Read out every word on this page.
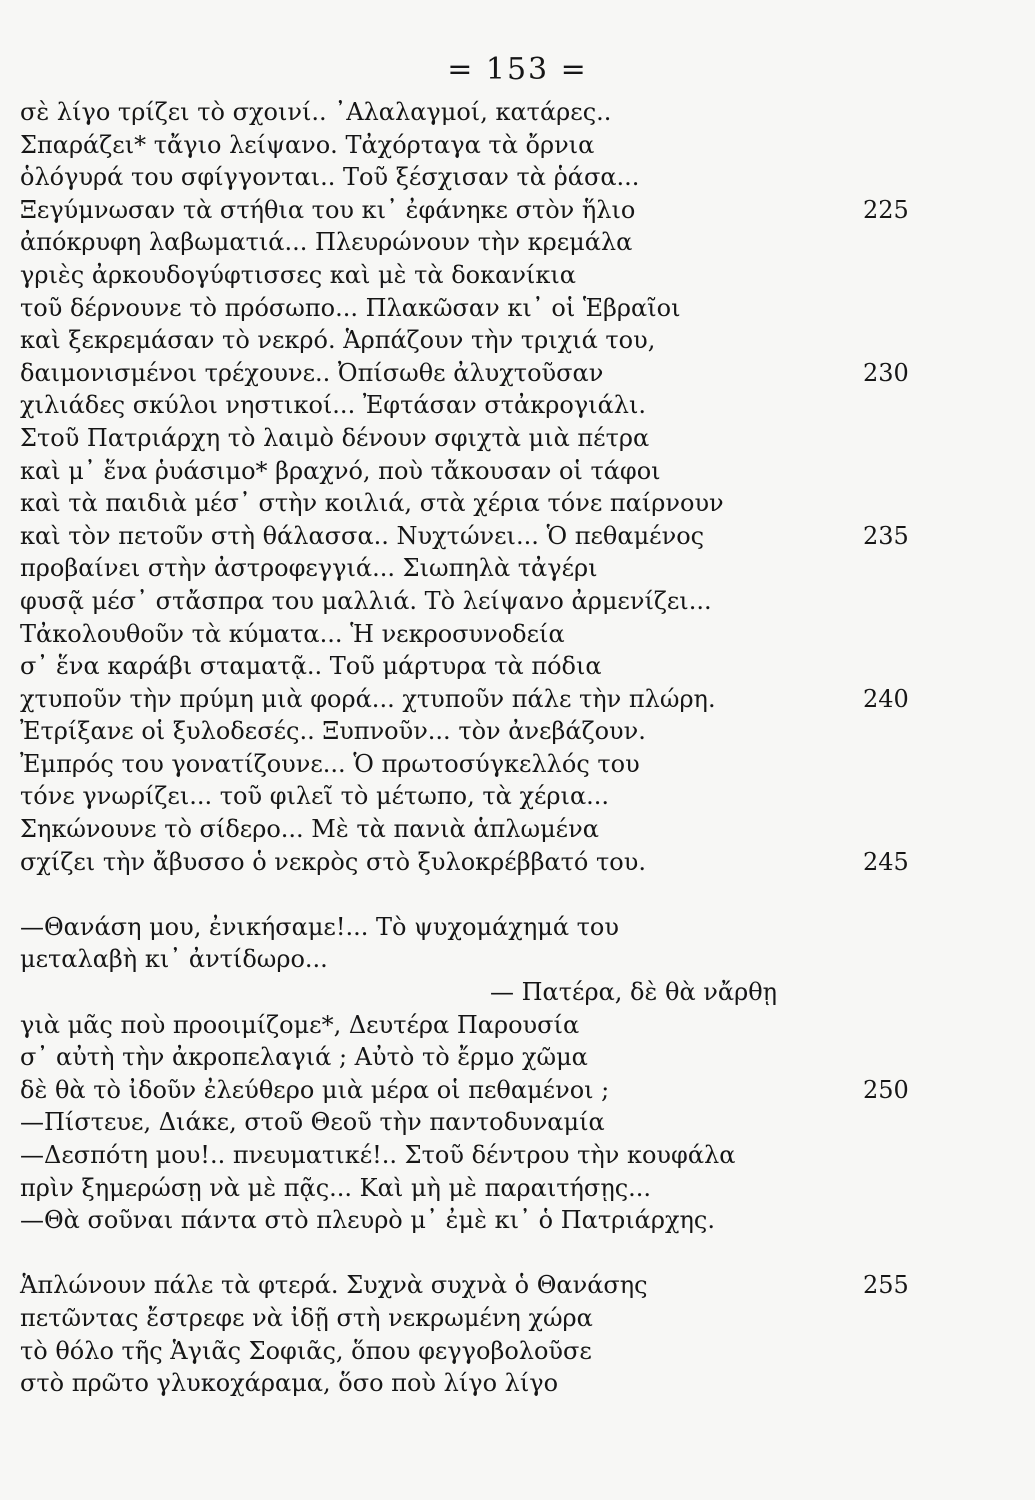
= 153 =
σὲ λίγο τρίζει τὸ σχοινί.. ᾿Αλαλαγμοί, κατάρες..
Σπαράζει* τἄγιο λείψανο. Τἀχόρταγα τὰ ὄρνια
ὁλόγυρά του σφίγγονται.. Τοῦ ξέσχισαν τὰ ῥάσα...
Ξεγύμνωσαν τὰ στήθια του κι᾿ ἐφάνηκε στὸν ἥλιο	225
ἀπόκρυφη λαβωματιά... Πλευρώνουν τὴν κρεμάλα
γριὲς ἀρκουδογύφτισσες καὶ μὲ τὰ δοκανίκια
τοῦ δέρνουνε τὸ πρόσωπο... Πλακῶσαν κι᾿ οἱ Ἑβραῖοι
καὶ ξεκρεμάσαν τὸ νεκρό. Ἁρπάζουν τὴν τριχιά του,
δαιμονισμένοι τρέχουνε.. Ὀπίσωθε ἀλυχτοῦσαν	230
χιλιάδες σκύλοι νηστικοί... Ἐφτάσαν στἀκρογιάλι.
Στοῦ Πατριάρχη τὸ λαιμὸ δένουν σφιχτὰ μιὰ πέτρα
καὶ μ᾿ ἕνα ῥυάσιμο* βραχνό, ποὺ τἄκουσαν οἱ τάφοι
καὶ τὰ παιδιὰ μέσ᾿ στὴν κοιλιά, στὰ χέρια τόνε παίρνουν
καὶ τὸν πετοῦν στὴ θάλασσα.. Νυχτώνει... Ὁ πεθαμένος	235
προβαίνει στὴν ἀστροφεγγιά... Σιωπηλὰ τἀγέρι
φυσᾷ μέσ᾿ στἄσπρα του μαλλιά. Τὸ λείψανο ἀρμενίζει...
Τἀκολουθοῦν τὰ κύματα... Ἡ νεκροσυνοδεία
σ᾿ ἕνα καράβι σταματᾷ.. Τοῦ μάρτυρα τὰ πόδια
χτυποῦν τὴν πρύμη μιὰ φορά... χτυποῦν πάλε τὴν πλώρη.	240
Ἐτρίξανε οἱ ξυλοδεσές.. Ξυπνοῦν... τὸν ἀνεβάζουν.
Ἐμπρός του γονατίζουνε... Ὁ πρωτοσύγκελλός του
τόνε γνωρίζει... τοῦ φιλεῖ τὸ μέτωπο, τὰ χέρια...
Σηκώνουνε τὸ σίδερο... Μὲ τὰ πανιὰ ἁπλωμένα
σχίζει τὴν ἄβυσσο ὁ νεκρὸς στὸ ξυλοκρέββατό του.	245
—Θανάση μου, ἐνικήσαμε!... Τὸ ψυχομάχημά του
μεταλαβὴ κι᾿ ἀντίδωρο...
— Πατέρα, δὲ θὰ νἄρθῃ
γιὰ μᾶς ποὺ προοιμίζομε*, Δευτέρα Παρουσία
σ᾿ αὐτὴ τὴν ἀκροπελαγιά ; Αὐτὸ τὸ ἔρμο χῶμα
δὲ θὰ τὸ ἰδοῦν ἐλεύθερο μιὰ μέρα οἱ πεθαμένοι ;	250
—Πίστευε, Διάκε, στοῦ Θεοῦ τὴν παντοδυναμία
—Δεσπότη μου!.. πνευματικέ!.. Στοῦ δέντρου τὴν κουφάλα
πρὶν ξημερώσῃ νὰ μὲ πᾷς... Καὶ μὴ μὲ παραιτήσῃς...
—Θὰ σοῦναι πάντα στὸ πλευρὸ μ᾿ ἐμὲ κι᾿ ὁ Πατριάρχης.
Ἁπλώνουν πάλε τὰ φτερά. Συχνὰ συχνὰ ὁ Θανάσης	255
πετῶντας ἔστρεφε νὰ ἰδῇ στὴ νεκρωμένη χώρα
τὸ θόλο τῆς Ἁγιᾶς Σοφιᾶς, ὅπου φεγγοβολοῦσε
στὸ πρῶτο γλυκοχάραμα, ὅσο ποὺ λίγο λίγο
